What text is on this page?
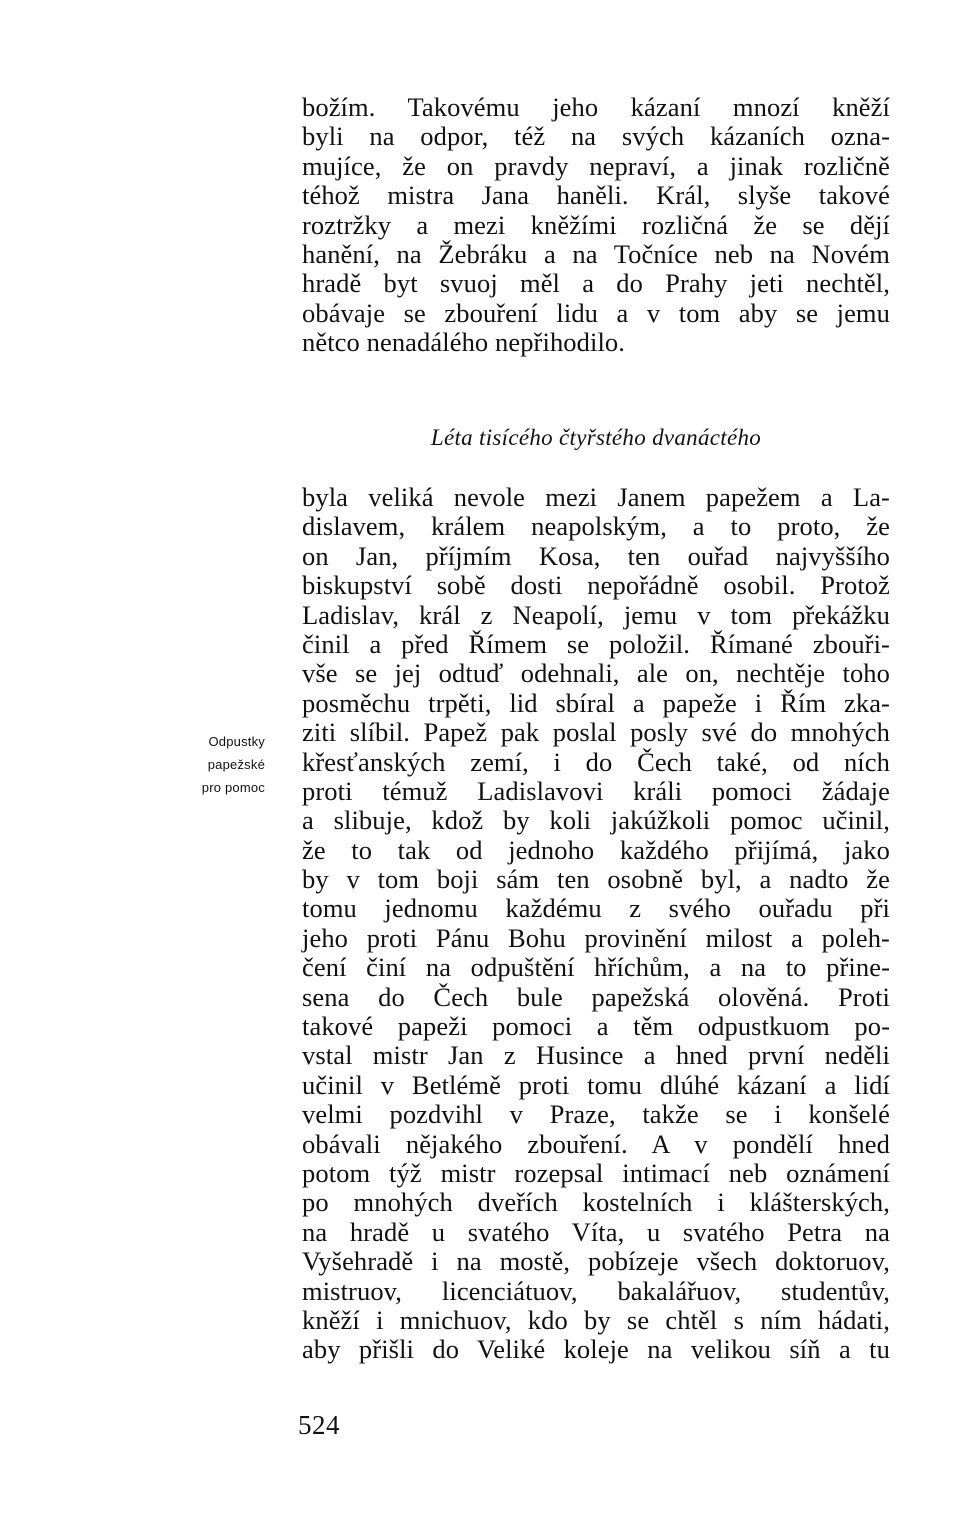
božím. Takovému jeho kázaní mnozí kněží
byli na odpor, též na svých kázaních ozna-
mujíce, že on pravdy nepraví, a jinak rozličně
téhož mistra Jana haněli. Král, slyše takové
roztržky a mezi kněžími rozličná že se dějí
hanění, na Žebráku a na Točníce neb na Novém
hradě byt svuoj měl a do Prahy jeti nechtěl,
obávaje se zbouření lidu a v tom aby se jemu
nětco nenadálého nepřihodilo.
Léta tisícého čtyřstého dvanáctého
Odpustky
papežské
pro pomoc
byla veliká nevole mezi Janem papežem a La-
dislavem, králem neapolským, a to proto, že
on Jan, příjmím Kosa, ten ouřad najvyššího
biskupství sobě dosti nepořádně osobil. Protož
Ladislav, král z Neapolí, jemu v tom překážku
činil a před Římem se položil. Římané zbouři-
vše se jej odtuď odehnali, ale on, nechtěje toho
posměchu trpěti, lid sbíral a papeže i Řím zka-
ziti slíbil. Papež pak poslal posly své do mnohých
křesťanských zemí, i do Čech také, od ních
proti témuž Ladislavovi králi pomoci žádaje
a slibuje, kdož by koli jakúžkoli pomoc učinil,
že to tak od jednoho každého přijímá, jako
by v tom boji sám ten osobně byl, a nadto že
tomu jednomu každému z svého ouřadu při
jeho proti Pánu Bohu provinění milost a poleh-
čení činí na odpuštění hříchům, a na to přine-
sena do Čech bule papežská olověná. Proti
takové papeži pomoci a těm odpustkuom po-
vstal mistr Jan z Husince a hned první neděli
učinil v Betlémě proti tomu dlúhé kázaní a lidí
velmi pozdvihl v Praze, takže se i konšelé
obávali nějakého zbouření. A v pondělí hned
potom týž mistr rozepsal intimací neb oznámení
po mnohých dveřích kostelních i klášterských,
na hradě u svatého Víta, u svatého Petra na
Vyšehradě i na mostě, pobízeje všech doktoruov,
mistruov, licenciátuov, bakalářuov, studentův,
kněží i mnichuov, kdo by se chtěl s ním hádati,
aby přišli do Veliké koleje na velikou síň a tu
524
